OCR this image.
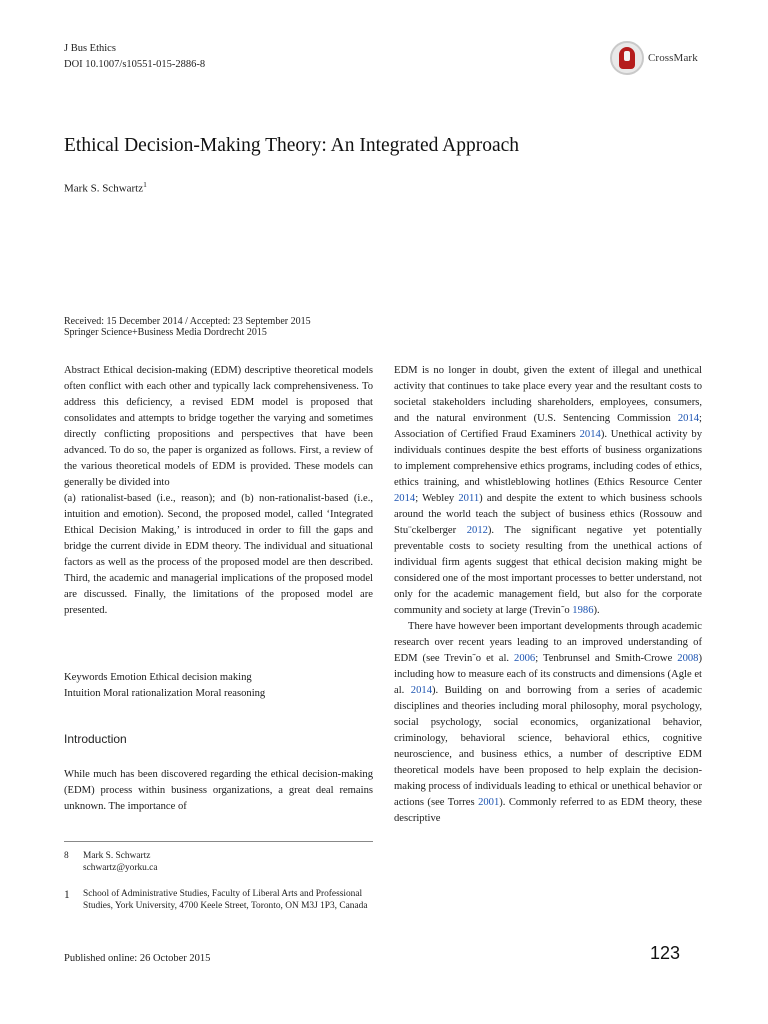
J Bus Ethics
DOI 10.1007/s10551-015-2886-8
CrossMark
Ethical Decision-Making Theory: An Integrated Approach
Mark S. Schwartz$^1$
Received: 15 December 2014 / Accepted: 23 September 2015
Springer Science+Business Media Dordrecht 2015

Abstract Ethical decision-making (EDM) descriptive theoretical models often conflict with each other and typically lack comprehensiveness. To address this deficiency, a revised EDM model is proposed that consolidates and attempts to bridge together the varying and sometimes directly conflicting propositions and perspectives that have been advanced. To do so, the paper is organized as follows. First, a review of the various theoretical models of EDM is provided. These models can generally be divided into

(a) rationalist-based (i.e., reason); and (b) non-rationalist-based (i.e., intuition and emotion). Second, the proposed model, called ‘Integrated Ethical Decision Making,’ is introduced in order to fill the gaps and bridge the current divide in EDM theory. The individual and situational factors as well as the process of the proposed model are then described. Third, the academic and managerial implications of the proposed model are discussed. Finally, the limitations of the proposed model are presented.

Keywords Emotion Ethical decision making
Intuition Moral rationalization Moral reasoning
Introduction
While much has been discovered regarding the ethical decision-making (EDM) process within business organizations, a great deal remains unknown. The importance of
8	Mark S. Schwartz
schwartz@yorku.ca
1	School of Administrative Studies, Faculty of Liberal Arts and Professional Studies, York University, 4700 Keele Street, Toronto, ON M3J 1P3, Canada

EDM is no longer in doubt, given the extent of illegal and unethical activity that continues to take place every year and the resultant costs to societal stakeholders including shareholders, employees, consumers, and the natural environment (U.S. Sentencing Commission 2014; Association of Certified Fraud Examiners 2014). Unethical activity by individuals continues despite the best efforts of business organizations to implement comprehensive ethics programs, including codes of ethics, ethics training, and whistleblowing hotlines (Ethics Resource Center 2014; Webley 2011) and despite the extent to which business schools around the world teach the subject of business ethics (Rossouw and Stu¨ckelberger 2012). The significant negative yet potentially preventable costs to society resulting from the unethical actions of individual firm agents suggest that ethical decision making might be considered one of the most important processes to better understand, not only for the academic management field, but also for the corporate community and society at large (Trevin˜o 1986).

There have however been important developments through academic research over recent years leading to an improved understanding of EDM (see Trevin˜o et al. 2006; Tenbrunsel and Smith-Crowe 2008) including how to measure each of its constructs and dimensions (Agle et al. 2014). Building on and borrowing from a series of academic disciplines and theories including moral philosophy, moral psychology, social psychology, social economics, organizational behavior, criminology, behavioral science, behavioral ethics, cognitive neuroscience, and business ethics, a number of descriptive EDM theoretical models have been proposed to help explain the decision-making process of individuals leading to ethical or unethical behavior or actions (see Torres 2001). Commonly referred to as EDM theory, these descriptive

Published online: 26 October 2015	123
